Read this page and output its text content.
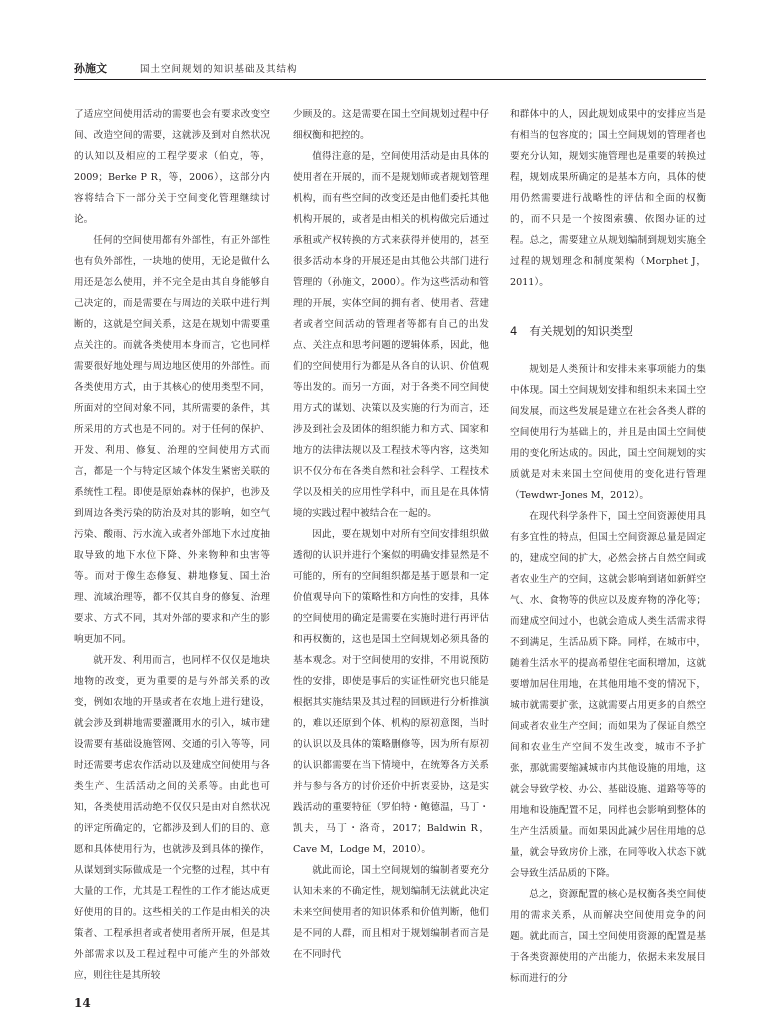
孙施文	国土空间规划的知识基础及其结构

了适应空间使用活动的需要也会有要求改变空间、改造空间的需要，这就涉及到对自然状况的认知以及相应的工程学要求（伯克，等，2009；Berke P R，等，2006），这部分内容将结合下一部分关于空间变化管理继续讨论。

任何的空间使用都有外部性，有正外部性也有负外部性，一块地的使用，无论是做什么用还是怎么使用，并不完全是由其自身能够自己决定的，而是需要在与周边的关联中进行判断的，这就是空间关系，这是在规划中需要重点关注的。而就各类使用本身而言，它也同样需要很好地处理与周边地区使用的外部性。而各类使用方式，由于其核心的使用类型不同，所面对的空间对象不同，其所需要的条件，其所采用的方式也是不同的。对于任何的保护、开发、利用、修复、治理的空间使用方式而言，都是一个与特定区域个体发生紧密关联的系统性工程。即使是原始森林的保护，也涉及到周边各类污染的防治及对其的影响，如空气污染、酸雨、污水流入或者外部地下水过度抽取导致的地下水位下降、外来物种和虫害等等。而对于像生态修复、耕地修复、国土治理、流域治理等，都不仅其自身的修复、治理要求、方式不同，其对外部的要求和产生的影响更加不同。

就开发、利用而言，也同样不仅仅是地块地物的改变，更为重要的是与外部关系的改变，例如农地的开垦或者在农地上进行建设，就会涉及到耕地需要灌溉用水的引入，城市建设需要有基础设施管网、交通的引入等等，同时还需要考虑农作活动以及建成空间使用与各类生产、生活活动之间的关系等。由此也可知，各类使用活动绝不仅仅只是由对自然状况的评定所确定的，它都涉及到人们的目的、意愿和具体使用行为，也就涉及到具体的操作，从谋划到实际做成是一个完整的过程，其中有大量的工作，尤其是工程性的工作才能达成更好使用的目的。这些相关的工作是由相关的决策者、工程承担者或者使用者所开展，但是其外部需求以及工程过程中可能产生的外部效应，则往往是其所较

少顾及的。这是需要在国土空间规划过程中仔细权衡和把控的。

值得注意的是，空间使用活动是由具体的使用者在开展的，而不是规划师或者规划管理机构，而有些空间的改变还是由他们委托其他机构开展的，或者是由相关的机构做完后通过承租或产权转换的方式来获得并使用的，甚至很多活动本身的开展还是由其他公共部门进行管理的（孙施文，2000）。作为这些活动和管理的开展，实体空间的拥有者、使用者、营建者或者空间活动的管理者等都有自己的出发点、关注点和思考问题的逻辑体系，因此，他们的空间使用行为都是从各自的认识、价值观等出发的。而另一方面，对于各类不同空间使用方式的谋划、决策以及实施的行为而言，还涉及到社会及团体的组织能力和方式、国家和地方的法律法规以及工程技术等内容，这类知识不仅分布在各类自然和社会科学、工程技术学以及相关的应用性学科中，而且是在具体情境的实践过程中被结合在一起的。

因此，要在规划中对所有空间安排组织做透彻的认识并进行个案似的明确安排显然是不可能的，所有的空间组织都是基于愿景和一定价值观导向下的策略性和方向性的安排，具体的空间使用的确定是需要在实施时进行再评估和再权衡的，这也是国土空间规划必须具备的基本观念。对于空间使用的安排，不用说预防性的安排，即使是事后的实证性研究也只能是根据其实施结果及其过程的回顾进行分析推演的，难以还原到个体、机构的原初意图，当时的认识以及具体的策略删修等，因为所有原初的认识都需要在当下情境中，在统筹各方关系并与参与各方的讨价还价中折衷妥协，这是实践活动的重要特征（罗伯特・鲍德温，马丁・凯夫，马丁・洛奇，2017；Baldwin R，Cave M，Lodge M，2010）。

就此而论，国土空间规划的编制者要充分认知未来的不确定性，规划编制无法就此决定未来空间使用者的知识体系和价值判断，他们是不同的人群，而且相对于规划编制者而言是在不同时代

和群体中的人，因此规划成果中的安排应当是有相当的包容度的；国土空间规划的管理者也要充分认知，规划实施管理也是重要的转换过程，规划成果所确定的是基本方向，具体的使用仍然需要进行战略性的评估和全面的权衡的，而不只是一个按图索骥、依图办证的过程。总之，需要建立从规划编制到规划实施全过程的规划理念和制度架构（Morphet J，2011）。

4 有关规划的知识类型

规划是人类预计和安排未来事项能力的集中体现。国土空间规划安排和组织未来国土空间发展，而这些发展是建立在社会各类人群的空间使用行为基础上的，并且是由国土空间使用的变化所达成的。因此，国土空间规划的实质就是对未来国土空间使用的变化进行管理（Tewdwr-Jones M，2012）。

在现代科学条件下，国土空间资源使用具有多宜性的特点，但国土空间资源总量是固定的，建成空间的扩大，必然会挤占自然空间或者农业生产的空间，这就会影响到诸如新鲜空气、水、食物等的供应以及废弃物的净化等；而建成空间过小，也就会造成人类生活需求得不到满足，生活品质下降。同样，在城市中，随着生活水平的提高希望住宅面积增加，这就要增加居住用地，在其他用地不变的情况下，城市就需要扩张，这就需要占用更多的自然空间或者农业生产空间；而如果为了保证自然空间和农业生产空间不发生改变，城市不予扩张，那就需要缩减城市内其他设施的用地，这就会导致学校、办公、基础设施、道路等等的用地和设施配置不足，同样也会影响到整体的生产生活质量。而如果因此减少居住用地的总量，就会导致房价上涨，在同等收入状态下就会导致生活品质的下降。

总之，资源配置的核心是权衡各类空间使用的需求关系，从而解决空间使用竞争的问题。就此而言，国土空间使用资源的配置是基于各类资源使用的产出能力，依据未来发展目标而进行的分

14
